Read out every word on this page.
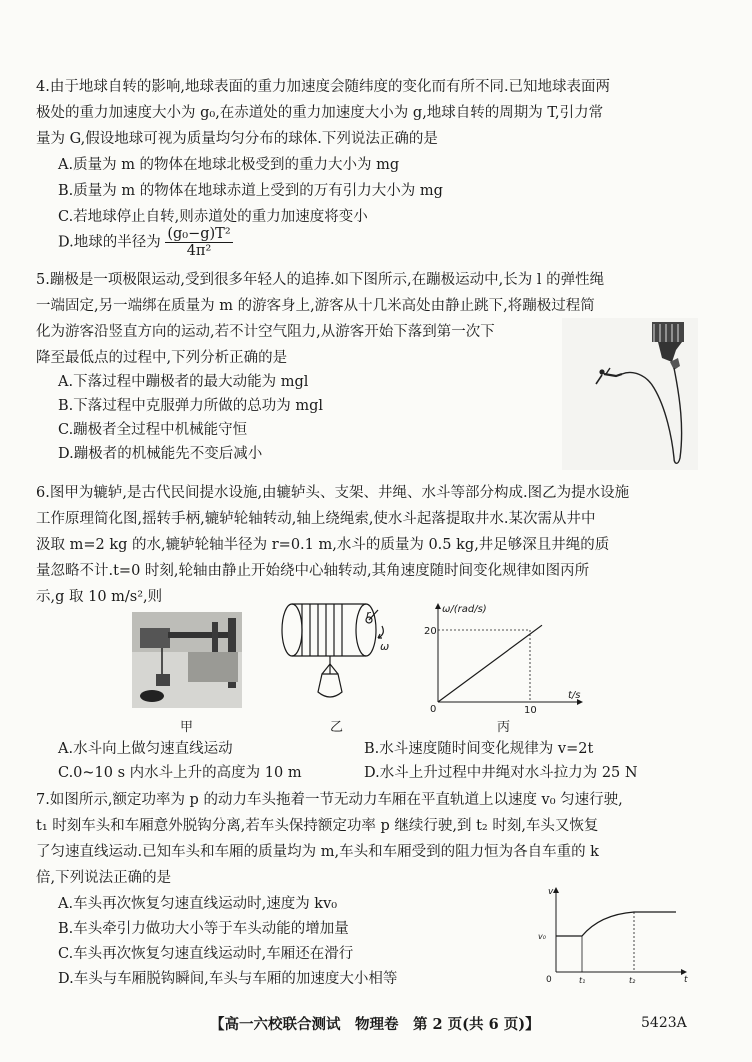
4.由于地球自转的影响,地球表面的重力加速度会随纬度的变化而有所不同.已知地球表面两
极处的重力加速度大小为 g₀,在赤道处的重力加速度大小为 g,地球自转的周期为 T,引力常
量为 G,假设地球可视为质量均匀分布的球体.下列说法正确的是
A.质量为 m 的物体在地球北极受到的重力大小为 mg
B.质量为 m 的物体在地球赤道上受到的万有引力大小为 mg
C.若地球停止自转,则赤道处的重力加速度将变小
D.地球的半径为 $\frac{\text{(g₀−g)T²}}{\text{4π²}}$
5.蹦极是一项极限运动,受到很多年轻人的追捧.如下图所示,在蹦极运动中,长为 l 的弹性绳
一端固定,另一端绑在质量为 m 的游客身上,游客从十几米高处由静止跳下,将蹦极过程简
化为游客沿竖直方向的运动,若不计空气阻力,从游客开始下落到第一次下
降至最低点的过程中,下列分析正确的是
A.下落过程中蹦极者的最大动能为 mgl
B.下落过程中克服弹力所做的总功为 mgl
C.蹦极者全过程中机械能守恒
D.蹦极者的机械能先不变后减小
6.图甲为辘轳,是古代民间提水设施,由辘轳头、支架、井绳、水斗等部分构成.图乙为提水设施
工作原理简化图,摇转手柄,辘轳轮轴转动,轴上绕绳索,使水斗起落提取井水.某次需从井中
汲取 m=2 kg 的水,辘轳轮轴半径为 r=0.1 m,水斗的质量为 0.5 kg,井足够深且井绳的质
量忽略不计.t=0 时刻,轮轴由静止开始绕中心轴转动,其角速度随时间变化规律如图丙所
示,g 取 10 m/s²,则
甲
r
ω
乙
ω/(rad/s)
t/s
0
20
10
丙
A.水斗向上做匀速直线运动	B.水斗速度随时间变化规律为 v=2t
C.0~10 s 内水斗上升的高度为 10 m	D.水斗上升过程中井绳对水斗拉力为 25 N
7.如图所示,额定功率为 p 的动力车头拖着一节无动力车厢在平直轨道上以速度 v₀ 匀速行驶,
t₁ 时刻车头和车厢意外脱钩分离,若车头保持额定功率 p 继续行驶,到 t₂ 时刻,车头又恢复
了匀速直线运动.已知车头和车厢的质量均为 m,车头和车厢受到的阻力恒为各自车重的 k
倍,下列说法正确的是
A.车头再次恢复匀速直线运动时,速度为 kv₀
B.车头牵引力做功大小等于车头动能的增加量
C.车头再次恢复匀速直线运动时,车厢还在滑行
D.车头与车厢脱钩瞬间,车头与车厢的加速度大小相等
v
t
0
v₀
t₁	t₂
【高一六校联合测试　物理卷　第 2 页(共 6 页)】	5423A
